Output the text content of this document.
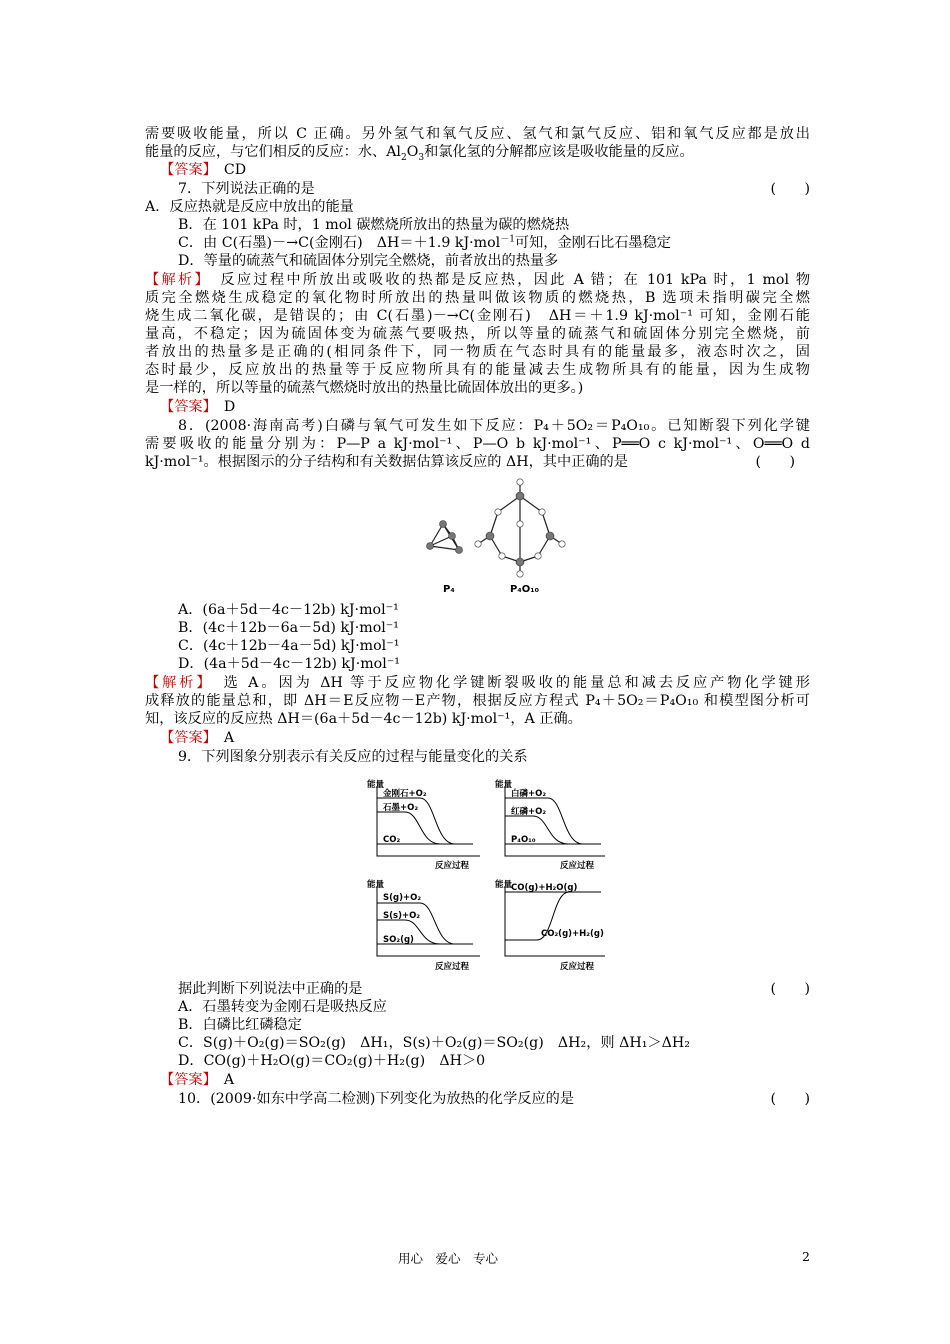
需要吸收能量，所以 C 正确。另外氢气和氧气反应、氢气和氯气反应、铝和氧气反应都是放出
能量的反应，与它们相反的反应：水、$Al_2O_3$和氯化氢的分解都应该是吸收能量的反应。
【答案】　 CD
7．下列说法正确的是	(　　)
A．反应热就是反应中放出的能量
B．在 101 kPa 时，1 mol 碳燃烧所放出的热量为碳的燃烧热
C．由 C(石墨)－→C(金刚石)　ΔH＝＋1.9 kJ·mol$^{-1}$可知，金刚石比石墨稳定
D．等量的硫蒸气和硫固体分别完全燃烧，前者放出的热量多
【解析】　反应过程中所放出或吸收的热都是反应热，因此 A 错；在 101 kPa 时，1 mol 物
质完全燃烧生成稳定的氧化物时所放出的热量叫做该物质的燃烧热，B 选项未指明碳完全燃
烧生成二氧化碳，是错误的；由 C(石墨)－→C(金刚石)　ΔH＝＋1.9 kJ·mol⁻¹ 可知，金刚石能
量高，不稳定；因为硫固体变为硫蒸气要吸热，所以等量的硫蒸气和硫固体分别完全燃烧，前
者放出的热量多是正确的(相同条件下，同一物质在气态时具有的能量最多，液态时次之，固
态时最少，反应放出的热量等于反应物所具有的能量减去生成物所具有的能量，因为生成物
是一样的，所以等量的硫蒸气燃烧时放出的热量比硫固体放出的更多。)
【答案】　 D
8．(2008·海南高考)白磷与氧气可发生如下反应：P₄＋5O₂＝P₄O₁₀。已知断裂下列化学键
需要吸收的能量分别为：P—P a kJ·mol⁻¹、P—O b kJ·mol⁻¹、P══O c kJ·mol⁻¹、O══O d
kJ·mol⁻¹。根据图示的分子结构和有关数据估算该反应的 ΔH，其中正确的是	(　　)
P₄	P₄O₁₀
A．(6a＋5d－4c－12b) kJ·mol⁻¹
B．(4c＋12b－6a－5d) kJ·mol⁻¹
C．(4c＋12b－4a－5d) kJ·mol⁻¹
D．(4a＋5d－4c－12b) kJ·mol⁻¹
【解析】　选 A。因为 ΔH 等于反应物化学键断裂吸收的能量总和减去反应产物化学键形
成释放的能量总和，即 ΔH＝E反应物－E产物，根据反应方程式 P₄＋5O₂＝P₄O₁₀ 和模型图分析可
知，该反应的反应热 ΔH＝(6a＋5d－4c－12b) kJ·mol⁻¹，A 正确。
【答案】　 A
9．下列图象分别表示有关反应的过程与能量变化的关系
能量
金刚石+O₂
石墨+O₂
CO₂
反应过程
能量
白磷+O₂
红磷+O₂
P₄O₁₀
反应过程
能量
S(g)+O₂
S(s)+O₂
SO₂(g)
反应过程
能量
CO(g)+H₂O(g)
CO₂(g)+H₂(g)
反应过程
据此判断下列说法中正确的是	(　　)
A．石墨转变为金刚石是吸热反应
B．白磷比红磷稳定
C．S(g)＋O₂(g)＝SO₂(g)　ΔH₁，S(s)＋O₂(g)＝SO₂(g)　ΔH₂，则 ΔH₁＞ΔH₂
D．CO(g)＋H₂O(g)＝CO₂(g)＋H₂(g)　ΔH＞0
【答案】　 A
10．(2009·如东中学高二检测)下列变化为放热的化学反应的是	(　　)
用心　爱心　专心	2
